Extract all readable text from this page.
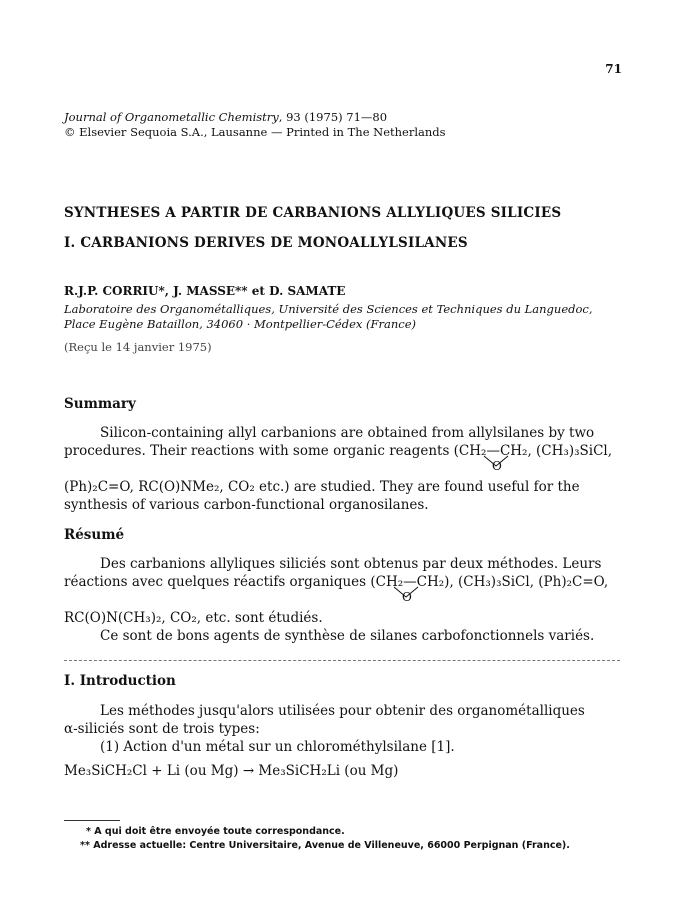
71
Journal of Organometallic Chemistry, 93 (1975) 71—80
© Elsevier Sequoia S.A., Lausanne — Printed in The Netherlands
SYNTHESES A PARTIR DE CARBANIONS ALLYLIQUES SILICIES
I. CARBANIONS DERIVES DE MONOALLYLSILANES
R.J.P. CORRIU*, J. MASSE** et D. SAMATE
Laboratoire des Organométalliques, Université des Sciences et Techniques du Languedoc, Place Eugène Bataillon, 34060 · Montpellier-Cédex (France)
(Reçu le 14 janvier 1975)
Summary
Silicon-containing allyl carbanions are obtained from allylsilanes by two
procedures. Their reactions with some organic reagents (CH₂—CH₂, (CH₃)₃SiCl,
O
(Ph)₂C=O, RC(O)NMe₂, CO₂ etc.) are studied. They are found useful for the
synthesis of various carbon-functional organosilanes.
Résumé
Des carbanions allyliques siliciés sont obtenus par deux méthodes. Leurs
réactions avec quelques réactifs organiques (CH₂—CH₂), (CH₃)₃SiCl, (Ph)₂C=O,
O
RC(O)N(CH₃)₂, CO₂, etc. sont étudiés.
Ce sont de bons agents de synthèse de silanes carbofonctionnels variés.
I. Introduction
Les méthodes jusqu'alors utilisées pour obtenir des organométalliques
α-siliciés sont de trois types:
(1) Action d'un métal sur un chlorométhylsilane [1].
Me₃SiCH₂Cl + Li (ou Mg) → Me₃SiCH₂Li (ou Mg)
* A qui doit être envoyée toute correspondance.
** Adresse actuelle: Centre Universitaire, Avenue de Villeneuve, 66000 Perpignan (France).
